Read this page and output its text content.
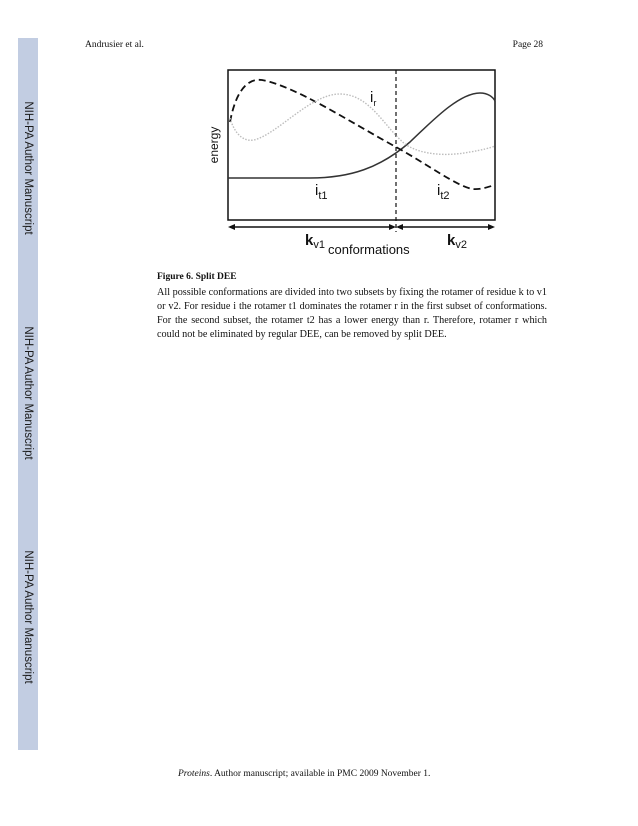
NIH-PA Author Manuscript
NIH-PA Author Manuscript
NIH-PA Author Manuscript
Andrusier et al.	Page 28
energy
$i_r$
$i_{t1}$	$i_{t2}$
$k_{v1}$ conformations
$k_{v2}$
Figure 6. Split DEE
All possible conformations are divided into two subsets by fixing the rotamer of residue k to v1 or v2. For residue i the rotamer t1 dominates the rotamer r in the first subset of conformations. For the second subset, the rotamer t2 has a lower energy than r. Therefore, rotamer r which could not be eliminated by regular DEE, can be removed by split DEE.
Proteins. Author manuscript; available in PMC 2009 November 1.
